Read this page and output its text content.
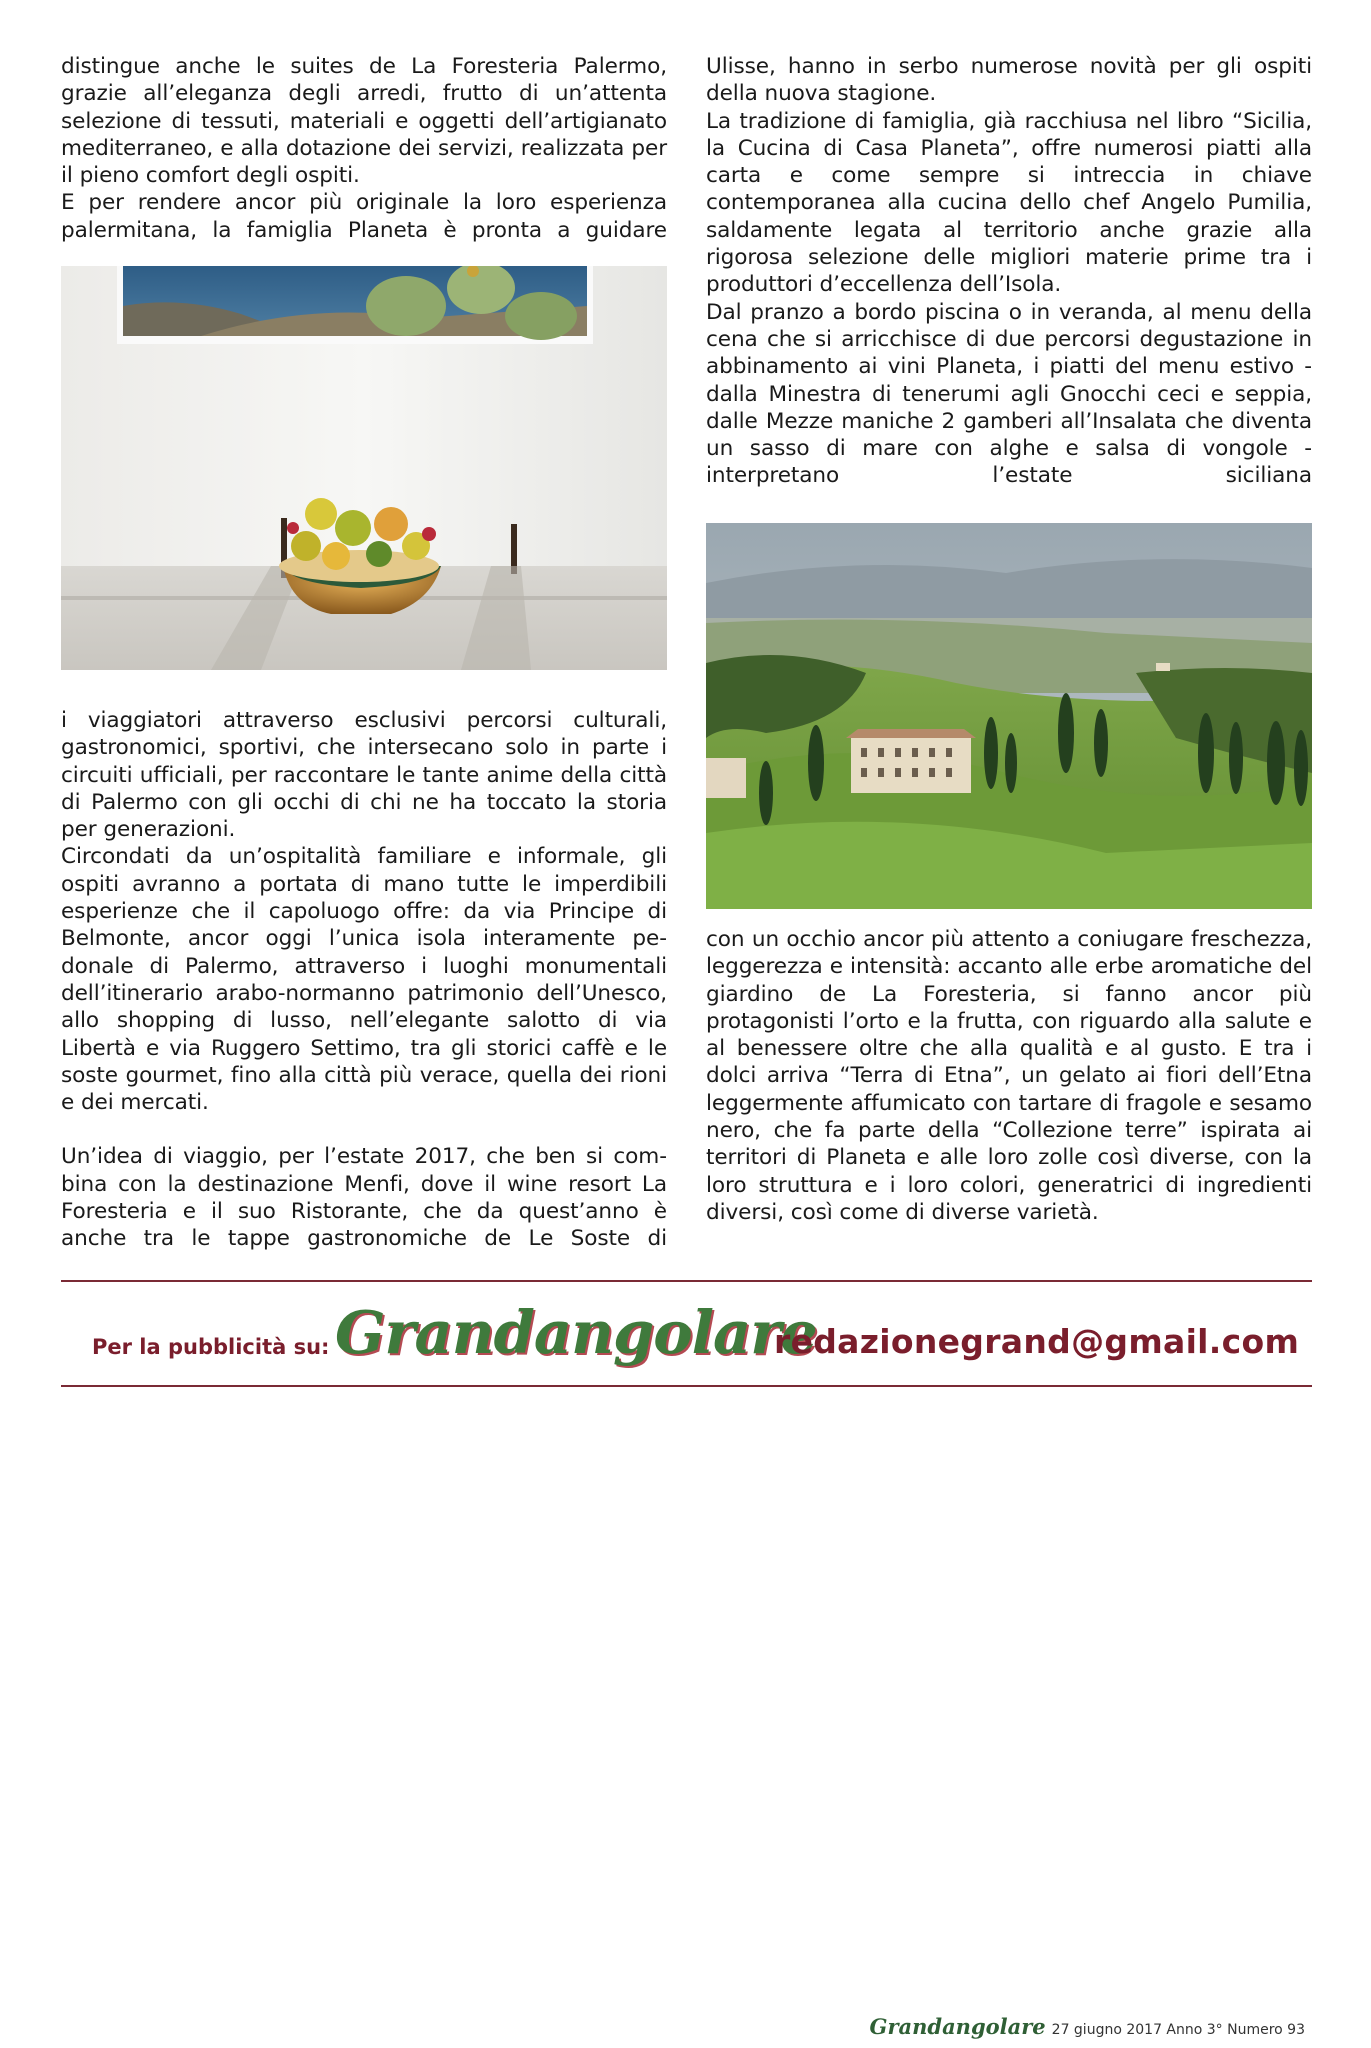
distingue anche le suites de La Foresteria Palermo, grazie all’eleganza degli arredi, frutto di un’attenta selezione di tessuti, materiali e oggetti dell’artigianato mediterraneo, e alla dotazione dei servizi, realizzata per il pieno comfort degli ospiti.

E per rendere ancor più originale la loro esperienza palermitana, la famiglia Planeta è pronta a guidare

i viaggiatori attraverso esclusivi percorsi culturali, gastronomici, sportivi, che intersecano solo in parte i circuiti ufficiali, per raccontare le tante anime della città di Palermo con gli occhi di chi ne ha toccato la storia per generazioni.

Circondati da un’ospitalità familiare e informale, gli ospiti avranno a portata di mano tutte le imperdibili esperienze che il capoluogo offre: da via Principe di Belmonte, ancor oggi l’unica isola interamente pedonale di Palermo, attraverso i luoghi monumentali dell’itinerario arabo-normanno patrimonio dell’Unesco, allo shopping di lusso, nell’elegante salotto di via Libertà e via Ruggero Settimo, tra gli storici caffè e le soste gourmet, fino alla città più verace, quella dei rioni e dei mercati.

Un’idea di viaggio, per l’estate 2017, che ben si combina con la destinazione Menfi, dove il wine resort La Foresteria e il suo Ristorante, che da quest’anno è anche tra le tappe gastronomiche de Le Soste di

Ulisse, hanno in serbo numerose novità per gli ospiti della nuova stagione.

La tradizione di famiglia, già racchiusa nel libro “Sicilia, la Cucina di Casa Planeta”, offre numerosi piatti alla carta e come sempre si intreccia in chiave contemporanea alla cucina dello chef Angelo Pumilia, saldamente legata al territorio anche grazie alla rigorosa selezione delle migliori materie prime tra i produttori d’eccellenza dell’Isola.

Dal pranzo a bordo piscina o in veranda, al menu della cena che si arricchisce di due percorsi degustazione in abbinamento ai vini Planeta, i piatti del menu estivo - dalla Minestra di tenerumi agli Gnocchi ceci e seppia, dalle Mezze maniche 2 gamberi all’Insalata che diventa un sasso di mare con alghe e salsa di vongole - interpretano l’estate siciliana

con un occhio ancor più attento a coniugare freschezza, leggerezza e intensità: accanto alle erbe aromatiche del giardino de La Foresteria, si fanno ancor più protagonisti l’orto e la frutta, con riguardo alla salute e al benessere oltre che alla qualità e al gusto. E tra i dolci arriva “Terra di Etna”, un gelato ai fiori dell’Etna leggermente affumicato con tartare di fragole e sesamo nero, che fa parte della “Collezione terre” ispirata ai territori di Planeta e alle loro zolle così diverse, con la loro struttura e i loro colori, generatrici di ingredienti diversi, così come di diverse varietà.

Per la pubblicità su: Grandangolare
redazionegrand@gmail.com
Grandangolare 27 giugno 2017 Anno 3° Numero 93
